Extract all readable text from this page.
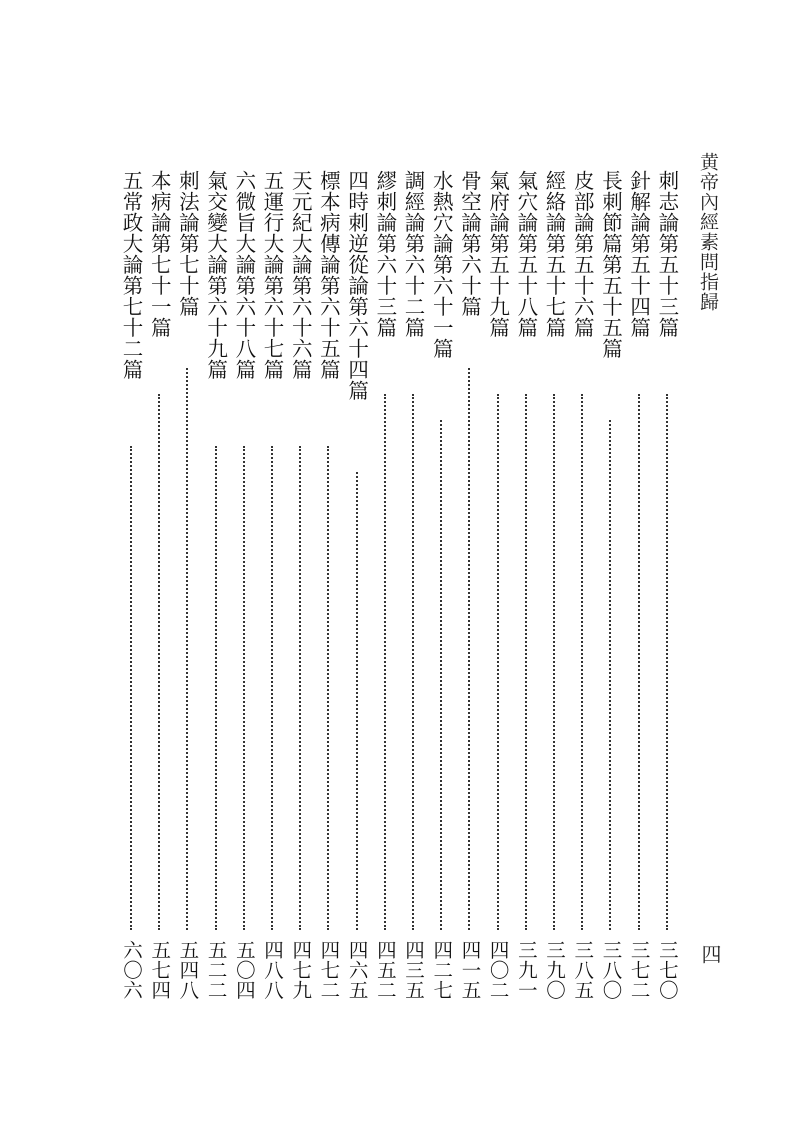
黄帝內經素問指歸
四
刺志論第五十三篇
三七〇
針解論第五十四篇
三七二
長刺節篇第五十五篇
三八〇
皮部論第五十六篇
三八五
經絡論第五十七篇
三九〇
氣穴論第五十八篇
三九一
氣府論第五十九篇
四〇二
骨空論第六十篇
四一五
水熱穴論第六十一篇
四二七
調經論第六十二篇
四三五
繆刺論第六十三篇
四五二
四時刺逆從論第六十四篇
四六五
標本病傳論第六十五篇
四七二
天元紀大論第六十六篇
四七九
五運行大論第六十七篇
四八八
六微旨大論第六十八篇
五〇四
氣交變大論第六十九篇
五二二
刺法論第七十篇
五四八
本病論第七十一篇
五七四
五常政大論第七十二篇
六〇六
